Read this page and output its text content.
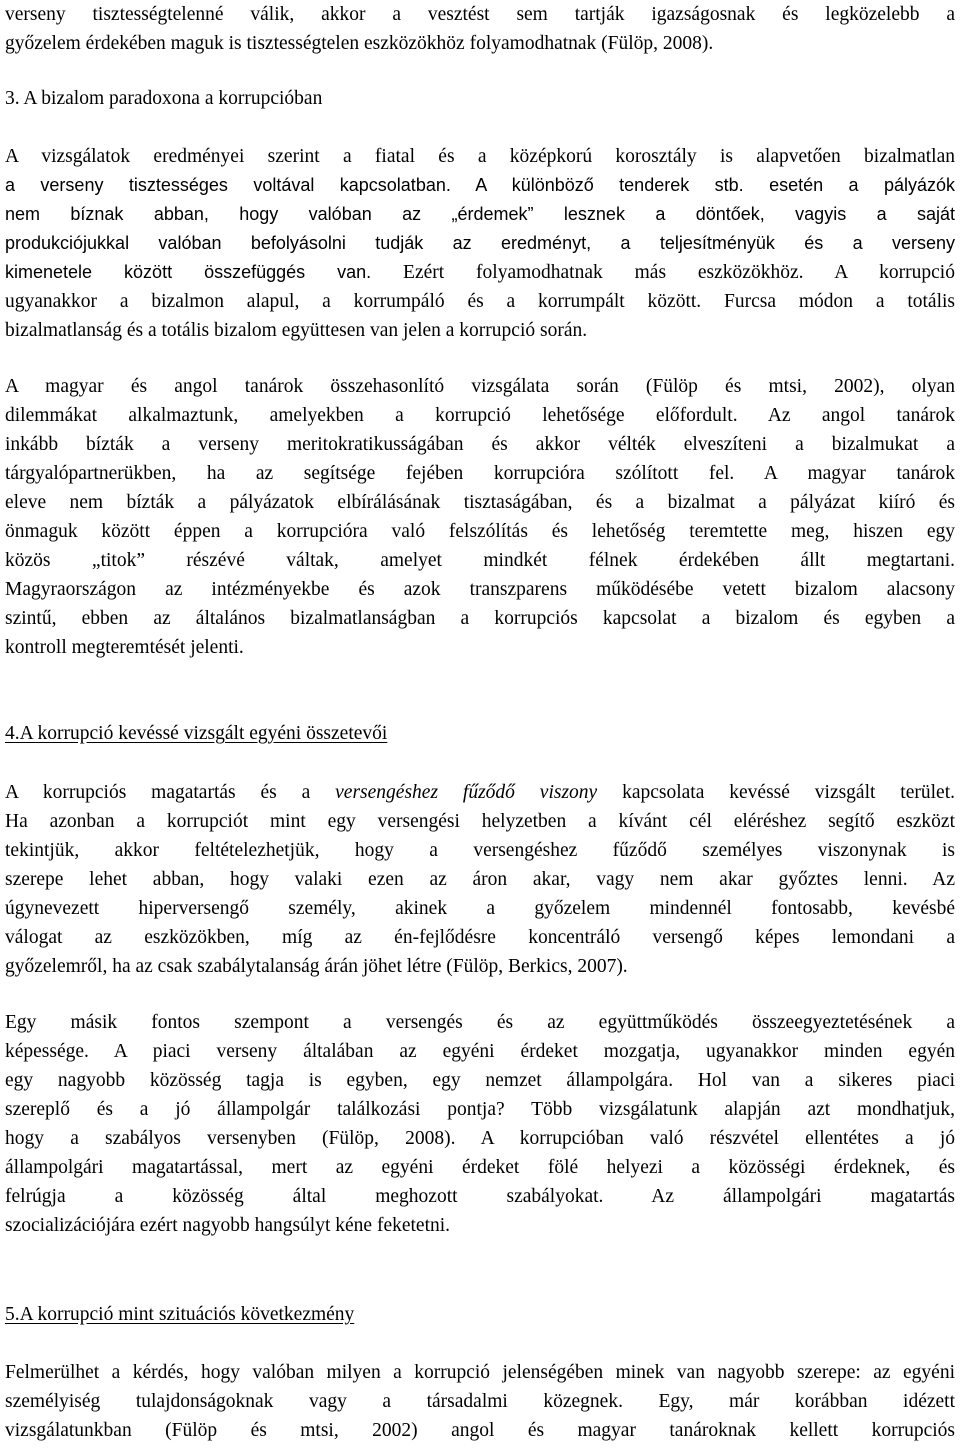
verseny tisztességtelenné válik, akkor a vesztést sem tartják igazságosnak és legközelebb a
győzelem érdekében maguk is tisztességtelen eszközökhöz folyamodhatnak (Fülöp, 2008).
3. A bizalom paradoxona a korrupcióban
A vizsgálatok eredményei szerint a fiatal és a középkorú korosztály is alapvetően bizalmatlan
a verseny tisztességes voltával kapcsolatban. A különböző tenderek stb. esetén a pályázók
nem bíznak abban, hogy valóban az „érdemek” lesznek a döntőek, vagyis a saját
produkciójukkal valóban befolyásolni tudják az eredményt, a teljesítményük és a verseny
kimenetele között összefüggés van. Ezért folyamodhatnak más eszközökhöz. A korrupció
ugyanakkor a bizalmon alapul, a korrumpáló és a korrumpált között. Furcsa módon a totális
bizalmatlanság és a totális bizalom együttesen van jelen a korrupció során.
A magyar és angol tanárok összehasonlító vizsgálata során (Fülöp és mtsi, 2002), olyan
dilemmákat alkalmaztunk, amelyekben a korrupció lehetősége előfordult. Az angol tanárok
inkább bízták a verseny meritokratikusságában és akkor vélték elveszíteni a bizalmukat a
tárgyalópartnerükben, ha az segítsége fejében korrupcióra szólított fel. A magyar tanárok
eleve nem bízták a pályázatok elbírálásának tisztaságában, és a bizalmat a pályázat kiíró és
önmaguk között éppen a korrupcióra való felszólítás és lehetőség teremtette meg, hiszen egy
közös „titok” részévé váltak, amelyet mindkét félnek érdekében állt megtartani.
Magyraországon az intézményekbe és azok transzparens működésébe vetett bizalom alacsony
szintű, ebben az általános bizalmatlanságban a korrupciós kapcsolat a bizalom és egyben a
kontroll megteremtését jelenti.
4.A korrupció kevéssé vizsgált egyéni összetevői
A korrupciós magatartás és a versengéshez fűződő viszony kapcsolata kevéssé vizsgált terület.
Ha azonban a korrupciót mint egy versengési helyzetben a kívánt cél eléréshez segítő eszközt
tekintjük, akkor feltételezhetjük, hogy a versengéshez fűződő személyes viszonynak is
szerepe lehet abban, hogy valaki ezen az áron akar, vagy nem akar győztes lenni. Az
úgynevezett hiperversengő személy, akinek a győzelem mindennél fontosabb, kevésbé
válogat az eszközökben, míg az én-fejlődésre koncentráló versengő képes lemondani a
győzelemről, ha az csak szabálytalanság árán jöhet létre (Fülöp, Berkics, 2007).
Egy másik fontos szempont a versengés és az együttműködés összeegyeztetésének a
képessége. A piaci verseny általában az egyéni érdeket mozgatja, ugyanakkor minden egyén
egy nagyobb közösség tagja is egyben, egy nemzet állampolgára. Hol van a sikeres piaci
szereplő és a jó állampolgár találkozási pontja? Több vizsgálatunk alapján azt mondhatjuk,
hogy a szabályos versenyben (Fülöp, 2008). A korrupcióban való részvétel ellentétes a jó
állampolgári magatartással, mert az egyéni érdeket fölé helyezi a közösségi érdeknek, és
felrúgja a közösség által meghozott szabályokat. Az állampolgári magatartás
szocializációjára ezért nagyobb hangsúlyt kéne feketetni.
5.A korrupció mint szituációs következmény
Felmerülhet a kérdés, hogy valóban milyen a korrupció jelenségében minek van nagyobb szerepe: az egyéni
személyiség tulajdonságoknak vagy a társadalmi közegnek. Egy, már korábban idézett
vizsgálatunkban (Fülöp és mtsi, 2002) angol és magyar tanároknak kellett korrupciós
